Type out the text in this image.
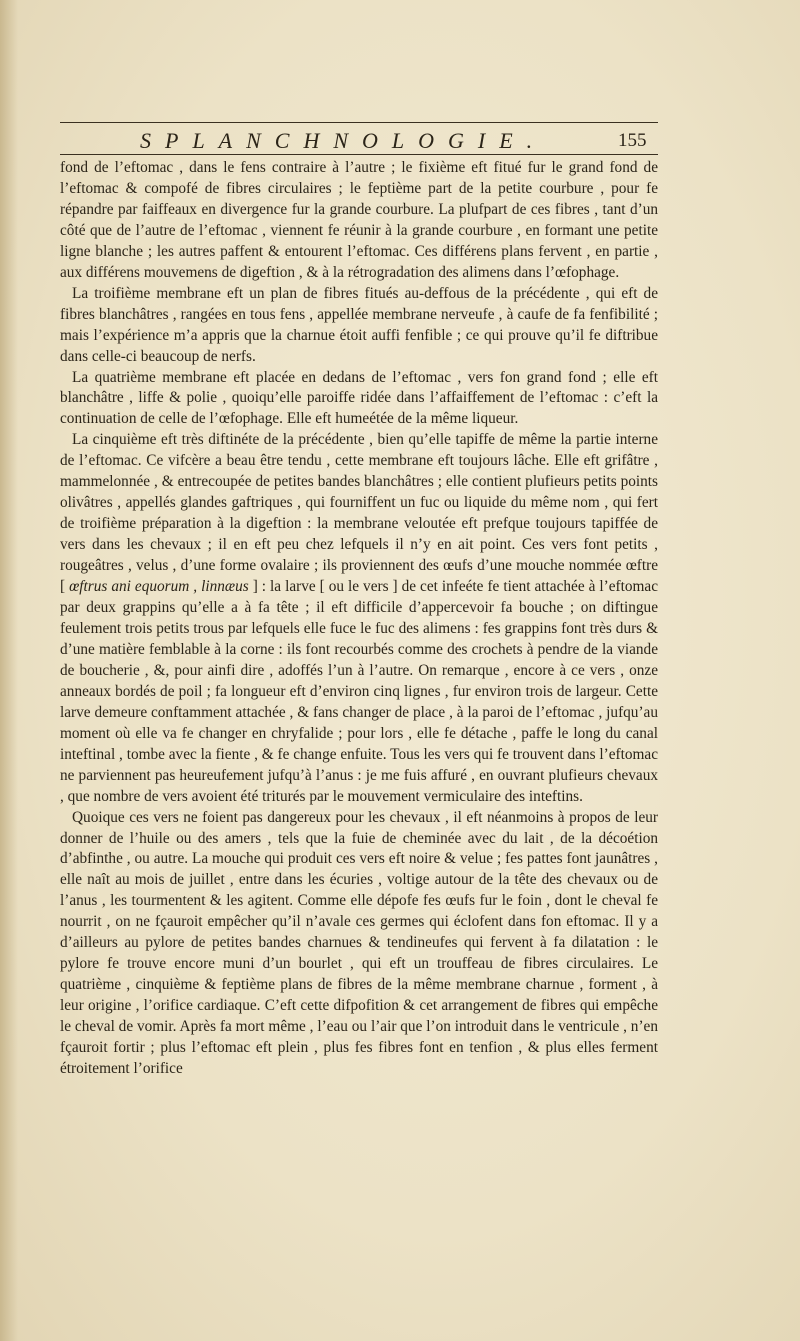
SPLANCHNOLOGIE.	155

fond de l’eftomac , dans le fens contraire à l’autre ; le fixième eft fitué fur le grand fond de l’eftomac & compofé de fibres circulaires ; le feptième part de la petite courbure , pour fe répandre par faiffeaux en divergence fur la grande courbure. La plufpart de ces fibres , tant d’un côté que de l’autre de l’eftomac , viennent fe réunir à la grande courbure , en formant une petite ligne blanche ; les autres paffent & entourent l’eftomac. Ces différens plans fervent , en partie , aux différens mouvemens de digeftion , & à la rétrogradation des alimens dans l’œfophage.

La troifième membrane eft un plan de fibres fitués au-deffous de la précédente , qui eft de fibres blanchâtres , rangées en tous fens , appellée membrane nerveufe , à caufe de fa fenfibilité ; mais l’expérience m’a appris que la charnue étoit auffi fenfible ; ce qui prouve qu’il fe diftribue dans celle-ci beaucoup de nerfs.

La quatrième membrane eft placée en dedans de l’eftomac , vers fon grand fond ; elle eft blanchâtre , liffe & polie , quoiqu’elle paroiffe ridée dans l’affaiffement de l’eftomac : c’eft la continuation de celle de l’œfophage. Elle eft humeétée de la même liqueur.

La cinquième eft très diftinéte de la précédente , bien qu’elle tapiffe de même la partie interne de l’eftomac. Ce vifcère a beau être tendu , cette membrane eft toujours lâche. Elle eft grifâtre , mammelonnée , & entrecoupée de petites bandes blanchâtres ; elle contient plufieurs petits points olivâtres , appellés glandes gaftriques , qui fourniffent un fuc ou liquide du même nom , qui fert de troifième préparation à la digeftion : la membrane veloutée eft prefque toujours tapiffée de vers dans les chevaux ; il en eft peu chez lefquels il n’y en ait point. Ces vers font petits , rougeâtres , velus , d’une forme ovalaire ; ils proviennent des œufs d’une mouche nommée œftre [ œftrus ani equorum , linnæus ] : la larve [ ou le vers ] de cet infeéte fe tient attachée à l’eftomac par deux grappins qu’elle a à fa tête ; il eft difficile d’appercevoir fa bouche ; on diftingue feulement trois petits trous par lefquels elle fuce le fuc des alimens : fes grappins font très durs & d’une matière femblable à la corne : ils font recourbés comme des crochets à pendre de la viande de boucherie , &, pour ainfi dire , adoffés l’un à l’autre. On remarque , encore à ce vers , onze anneaux bordés de poil ; fa longueur eft d’environ cinq lignes , fur environ trois de largeur. Cette larve demeure conftamment attachée , & fans changer de place , à la paroi de l’eftomac , jufqu’au moment où elle va fe changer en chryfalide ; pour lors , elle fe détache , paffe le long du canal inteftinal , tombe avec la fiente , & fe change enfuite. Tous les vers qui fe trouvent dans l’eftomac ne parviennent pas heureufement jufqu’à l’anus : je me fuis affuré , en ouvrant plufieurs chevaux , que nombre de vers avoient été triturés par le mouvement vermiculaire des inteftins.

Quoique ces vers ne foient pas dangereux pour les chevaux , il eft néanmoins à propos de leur donner de l’huile ou des amers , tels que la fuie de cheminée avec du lait , de la décoétion d’abfinthe , ou autre. La mouche qui produit ces vers eft noire & velue ; fes pattes font jaunâtres , elle naît au mois de juillet , entre dans les écuries , voltige autour de la tête des chevaux ou de l’anus , les tourmentent & les agitent. Comme elle dépofe fes œufs fur le foin , dont le cheval fe nourrit , on ne fçauroit empêcher qu’il n’avale ces germes qui éclofent dans fon eftomac. Il y a d’ailleurs au pylore de petites bandes charnues & tendineufes qui fervent à fa dilatation : le pylore fe trouve encore muni d’un bourlet , qui eft un trouffeau de fibres circulaires. Le quatrième , cinquième & feptième plans de fibres de la même membrane charnue , forment , à leur origine , l’orifice cardiaque. C’eft cette difpofition & cet arrangement de fibres qui empêche le cheval de vomir. Après fa mort même , l’eau ou l’air que l’on introduit dans le ventricule , n’en fçauroit fortir ; plus l’eftomac eft plein , plus fes fibres font en tenfion , & plus elles ferment étroitement l’orifice
